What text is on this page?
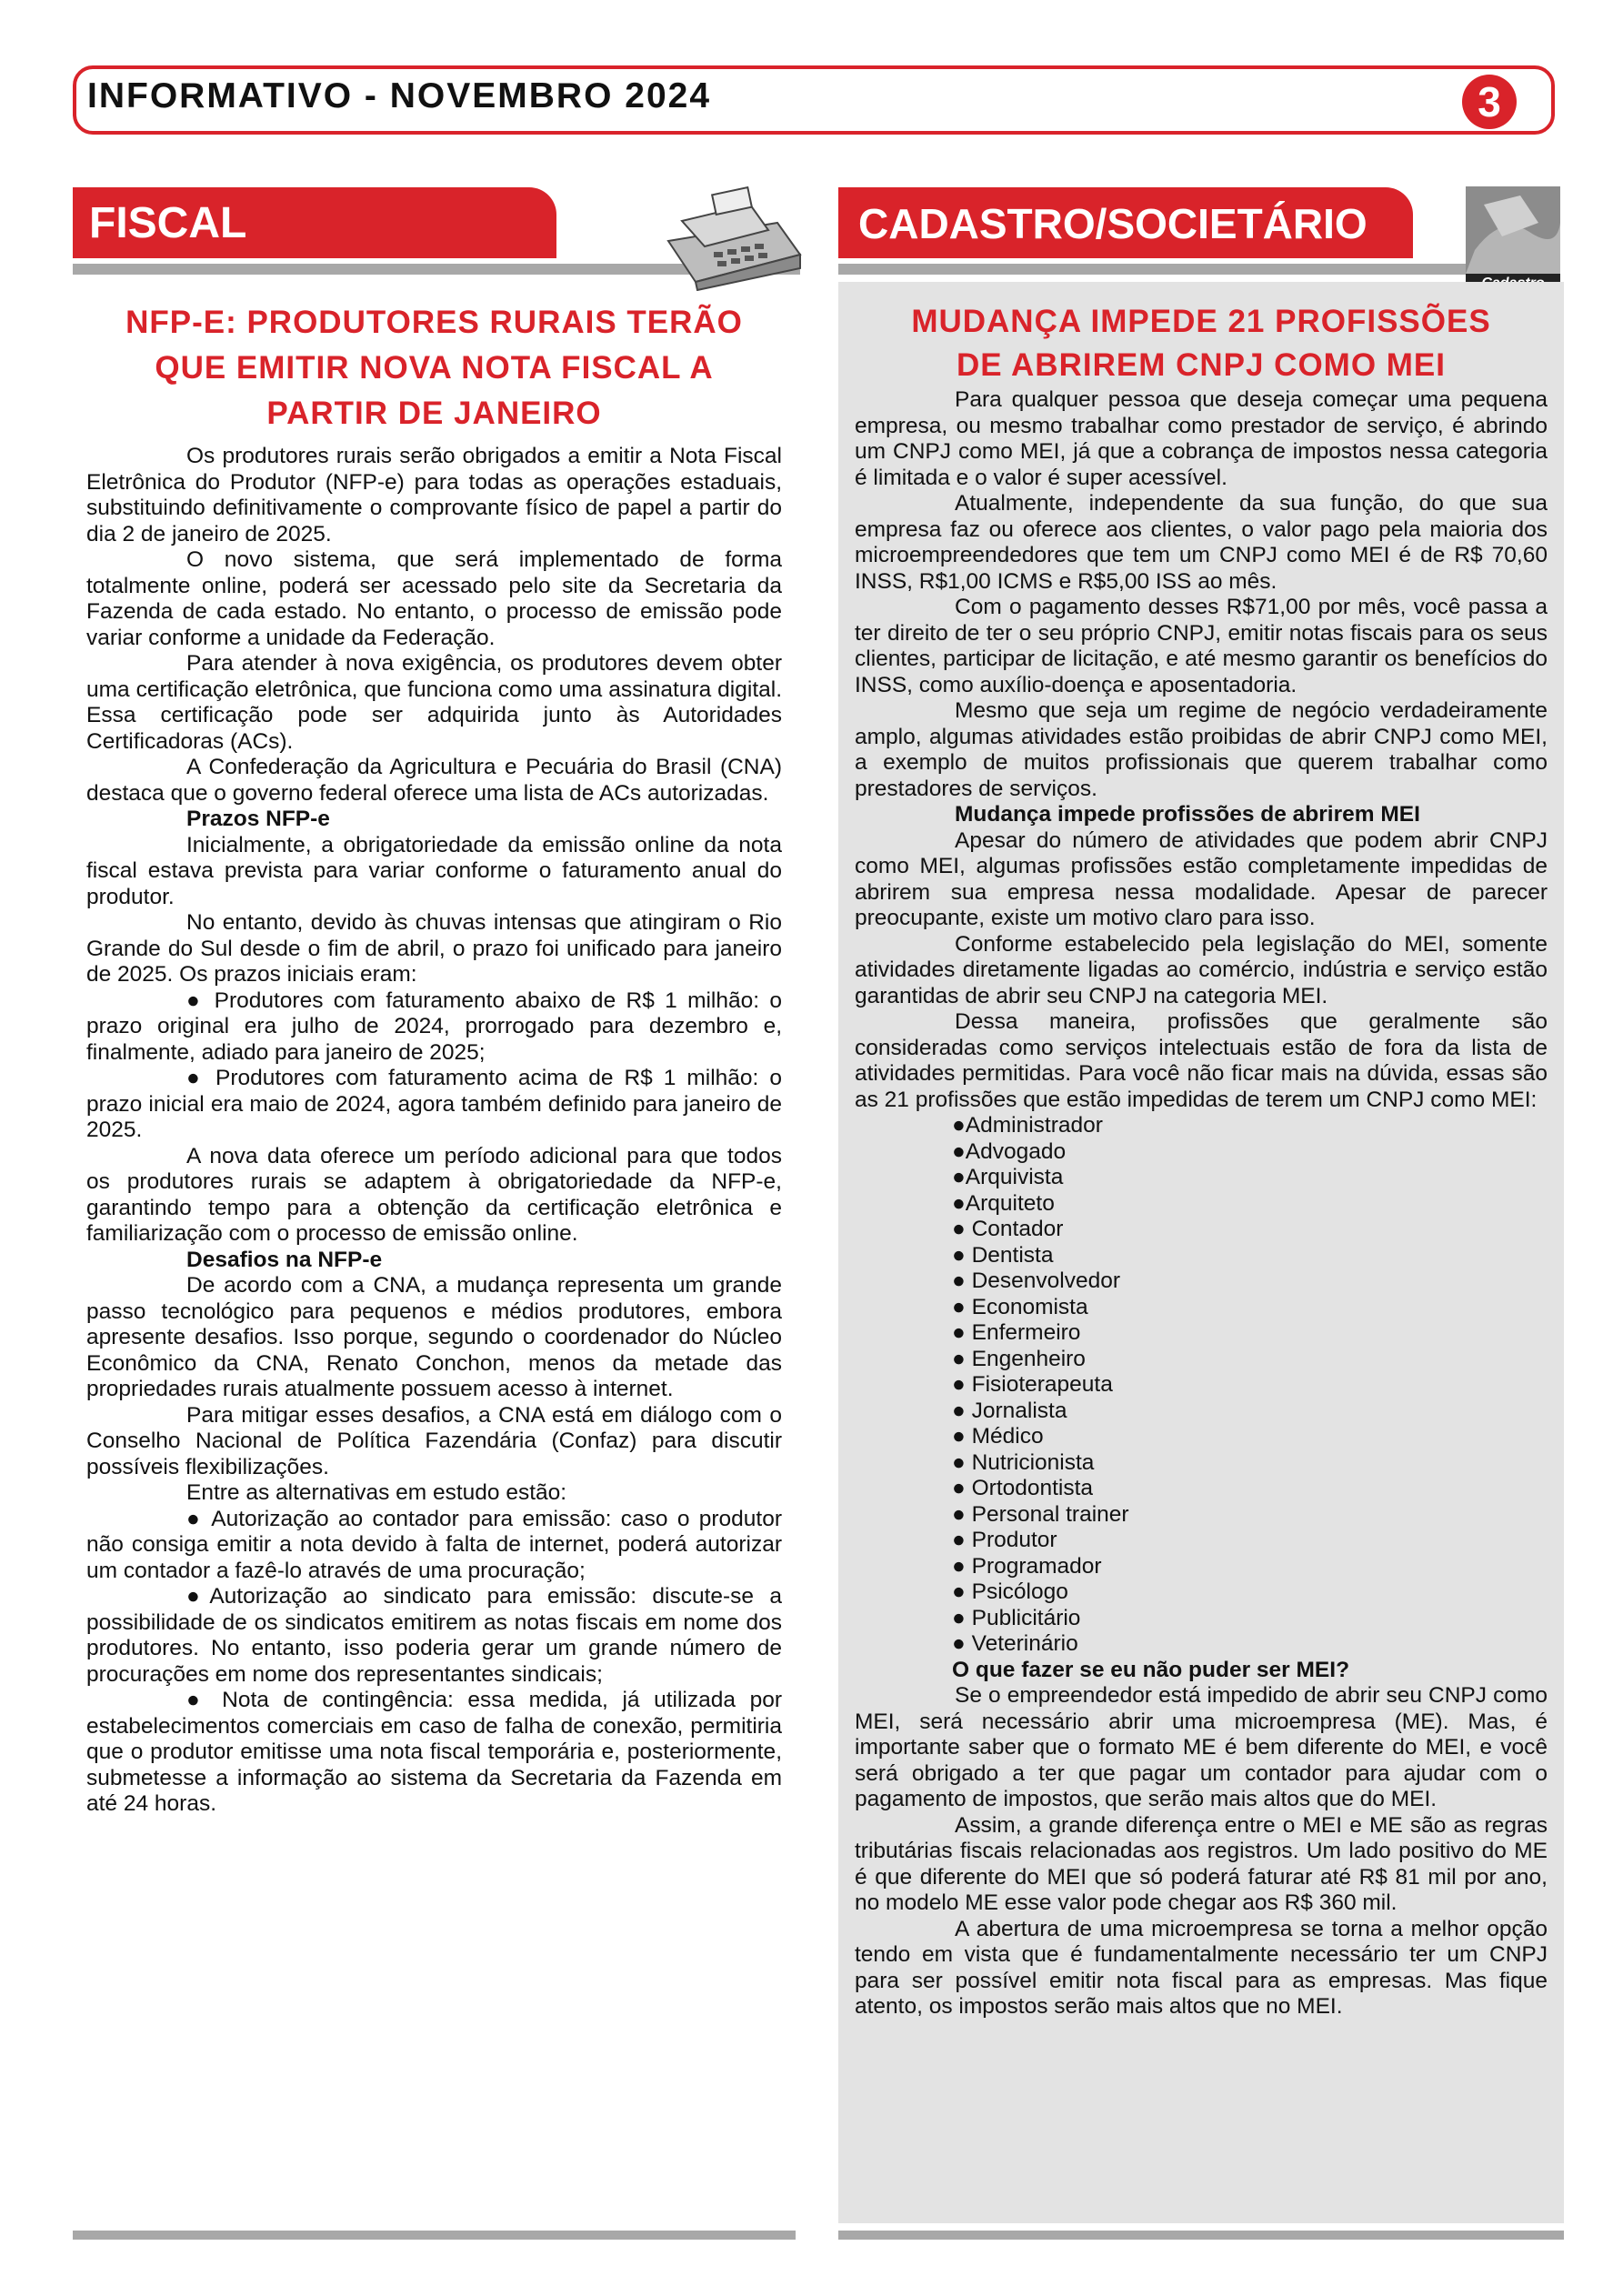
INFORMATIVO - NOVEMBRO 2024	3
FISCAL	CADASTRO/SOCIETÁRIO
NFP-E: PRODUTORES RURAIS TERÃO
QUE EMITIR NOVA NOTA FISCAL A
PARTIR DE JANEIRO

Os produtores rurais serão obrigados a emitir a Nota Fiscal Eletrônica do Produtor (NFP-e) para todas as operações estaduais, substituindo definitivamente o comprovante físico de papel a partir do dia 2 de janeiro de 2025.

O novo sistema, que será implementado de forma totalmente online, poderá ser acessado pelo site da Secretaria da Fazenda de cada estado. No entanto, o processo de emissão pode variar conforme a unidade da Federação.

Para atender à nova exigência, os produtores devem obter uma certificação eletrônica, que funciona como uma assinatura digital. Essa certificação pode ser adquirida junto às Autoridades Certificadoras (ACs).

A Confederação da Agricultura e Pecuária do Brasil (CNA) destaca que o governo federal oferece uma lista de ACs autorizadas.

Prazos NFP-e

Inicialmente, a obrigatoriedade da emissão online da nota fiscal estava prevista para variar conforme o faturamento anual do produtor.

No entanto, devido às chuvas intensas que atingiram o Rio Grande do Sul desde o fim de abril, o prazo foi unificado para janeiro de 2025. Os prazos iniciais eram:

● Produtores com faturamento abaixo de R$ 1 milhão: o prazo original era julho de 2024, prorrogado para dezembro e, finalmente, adiado para janeiro de 2025;

● Produtores com faturamento acima de R$ 1 milhão: o prazo inicial era maio de 2024, agora também definido para janeiro de 2025.

A nova data oferece um período adicional para que todos os produtores rurais se adaptem à obrigatoriedade da NFP-e, garantindo tempo para a obtenção da certificação eletrônica e familiarização com o processo de emissão online.

Desafios na NFP-e

De acordo com a CNA, a mudança representa um grande passo tecnológico para pequenos e médios produtores, embora apresente desafios. Isso porque, segundo o coordenador do Núcleo Econômico da CNA, Renato Conchon, menos da metade das propriedades rurais atualmente possuem acesso à internet.

Para mitigar esses desafios, a CNA está em diálogo com o Conselho Nacional de Política Fazendária (Confaz) para discutir possíveis flexibilizações.

Entre as alternativas em estudo estão:

● Autorização ao contador para emissão: caso o produtor não consiga emitir a nota devido à falta de internet, poderá autorizar um contador a fazê-lo através de uma procuração;

●Autorização ao sindicato para emissão: discute-se a possibilidade de os sindicatos emitirem as notas fiscais em nome dos produtores. No entanto, isso poderia gerar um grande número de procurações em nome dos representantes sindicais;

● Nota de contingência: essa medida, já utilizada por estabelecimentos comerciais em caso de falha de conexão, permitiria que o produtor emitisse uma nota fiscal temporária e, posteriormente, submetesse a informação ao sistema da Secretaria da Fazenda em até 24 horas.

MUDANÇA IMPEDE 21 PROFISSÕES
DE ABRIREM CNPJ COMO MEI

Para qualquer pessoa que deseja começar uma pequena empresa, ou mesmo trabalhar como prestador de serviço, é abrindo um CNPJ como MEI, já que a cobrança de impostos nessa categoria é limitada e o valor é super acessível.

Atualmente, independente da sua função, do que sua empresa faz ou oferece aos clientes, o valor pago pela maioria dos microempreendedores que tem um CNPJ como MEI é de R$ 70,60 INSS, R$1,00 ICMS e R$5,00 ISS ao mês.

Com o pagamento desses R$71,00 por mês, você passa a ter direito de ter o seu próprio CNPJ, emitir notas fiscais para os seus clientes, participar de licitação, e até mesmo garantir os benefícios do INSS, como auxílio-doença e aposentadoria.

Mesmo que seja um regime de negócio verdadeiramente amplo, algumas atividades estão proibidas de abrir CNPJ como MEI, a exemplo de muitos profissionais que querem trabalhar como prestadores de serviços.

Mudança impede profissões de abrirem MEI

Apesar do número de atividades que podem abrir CNPJ como MEI, algumas profissões estão completamente impedidas de abrirem sua empresa nessa modalidade. Apesar de parecer preocupante, existe um motivo claro para isso.

Conforme estabelecido pela legislação do MEI, somente atividades diretamente ligadas ao comércio, indústria e serviço estão garantidas de abrir seu CNPJ na categoria MEI.

Dessa maneira, profissões que geralmente são consideradas como serviços intelectuais estão de fora da lista de atividades permitidas. Para você não ficar mais na dúvida, essas são as 21 profissões que estão impedidas de terem um CNPJ como MEI:

●Administrador

●Advogado

●Arquivista

●Arquiteto

● Contador

● Dentista

● Desenvolvedor

● Economista

● Enfermeiro

● Engenheiro

● Fisioterapeuta

● Jornalista

● Médico

● Nutricionista

● Ortodontista

● Personal trainer

● Produtor

● Programador

● Psicólogo

● Publicitário

● Veterinário

O que fazer se eu não puder ser MEI?

Se o empreendedor está impedido de abrir seu CNPJ como MEI, será necessário abrir uma microempresa (ME). Mas, é importante saber que o formato ME é bem diferente do MEI, e você será obrigado a ter que pagar um contador para ajudar com o pagamento de impostos, que serão mais altos que do MEI.

Assim, a grande diferença entre o MEI e ME são as regras tributárias fiscais relacionadas aos registros. Um lado positivo do ME é que diferente do MEI que só poderá faturar até R$ 81 mil por ano, no modelo ME esse valor pode chegar aos R$ 360 mil.

A abertura de uma microempresa se torna a melhor opção tendo em vista que é fundamentalmente necessário ter um CNPJ para ser possível emitir nota fiscal para as empresas. Mas fique atento, os impostos serão mais altos que no MEI.
